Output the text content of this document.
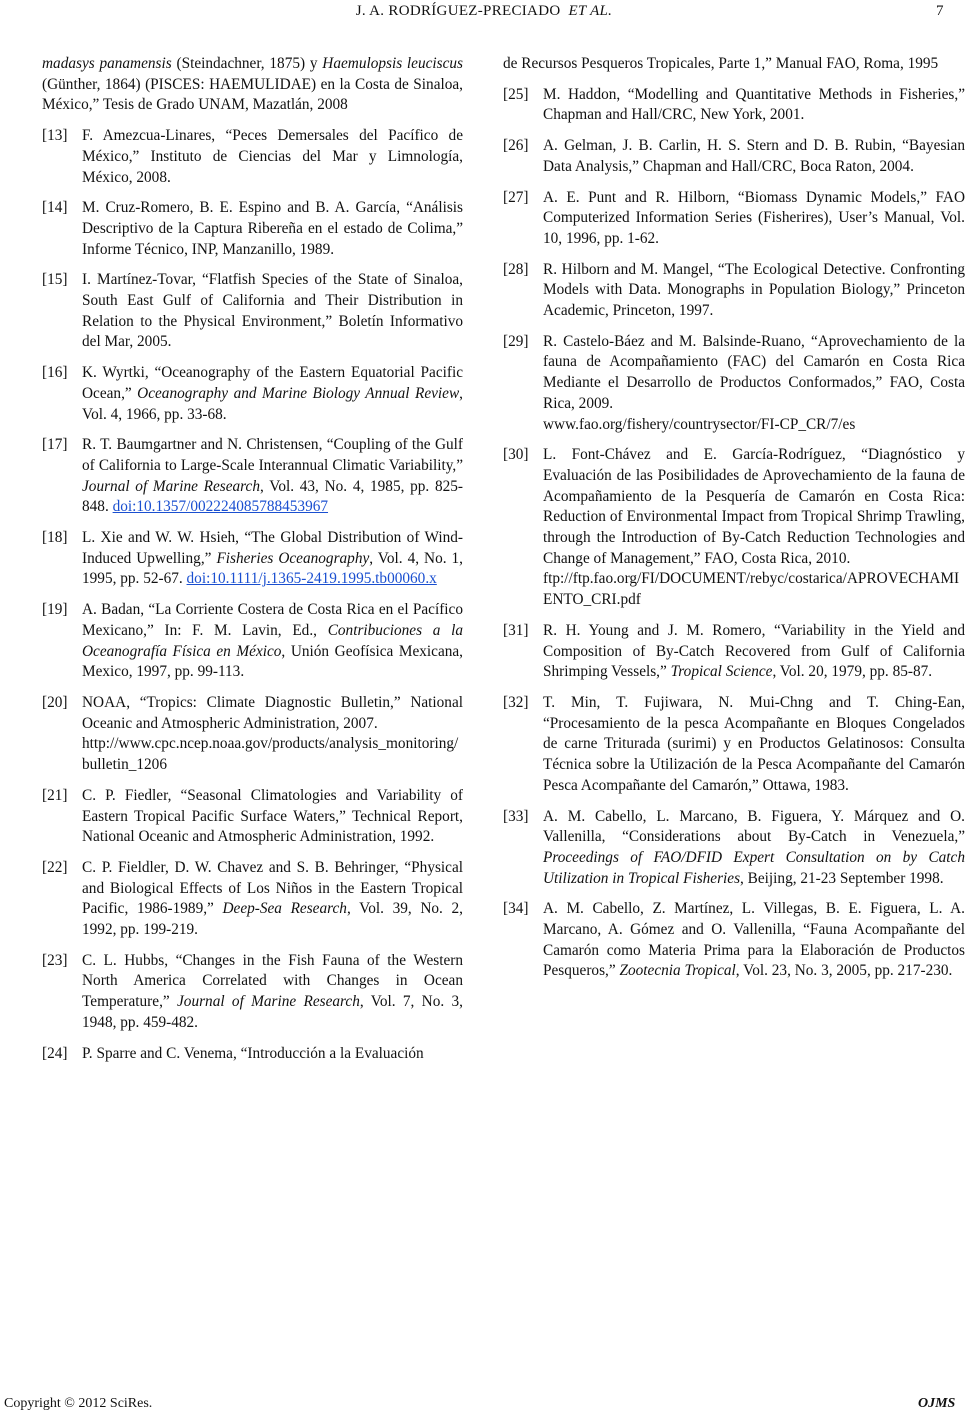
J. A. RODRÍGUEZ-PRECIADO ET AL.	7

madasys panamensis (Steindachner, 1875) y Haemulopsis leuciscus (Günther, 1864) (PISCES: HAEMULIDAE) en la Costa de Sinaloa, México,” Tesis de Grado UNAM, Mazatlán, 2008

[13] F. Amezcua-Linares, “Peces Demersales del Pacífico de México,” Instituto de Ciencias del Mar y Limnología, México, 2008.
[14] M. Cruz-Romero, B. E. Espino and B. A. García, “Análisis Descriptivo de la Captura Ribereña en el estado de Colima,” Informe Técnico, INP, Manzanillo, 1989.
[15] I. Martínez-Tovar, “Flatfish Species of the State of Sinaloa, South East Gulf of California and Their Distribution in Relation to the Physical Environment,” Boletín Informativo del Mar, 2005.
[16] K. Wyrtki, “Oceanography of the Eastern Equatorial Pacific Ocean,” Oceanography and Marine Biology Annual Review, Vol. 4, 1966, pp. 33-68.
[17] R. T. Baumgartner and N. Christensen, “Coupling of the Gulf of California to Large-Scale Interannual Climatic Variability,” Journal of Marine Research, Vol. 43, No. 4, 1985, pp. 825-848. doi:10.1357/002224085788453967
[18] L. Xie and W. W. Hsieh, “The Global Distribution of Wind-Induced Upwelling,” Fisheries Oceanography, Vol. 4, No. 1, 1995, pp. 52-67. doi:10.1111/j.1365-2419.1995.tb00060.x
[19] A. Badan, “La Corriente Costera de Costa Rica en el Pacífico Mexicano,” In: F. M. Lavin, Ed., Contribuciones a la Oceanografía Física en México, Unión Geofísica Mexicana, Mexico, 1997, pp. 99-113.
[20] NOAA, “Tropics: Climate Diagnostic Bulletin,” National Oceanic and Atmospheric Administration, 2007.
http://www.cpc.ncep.noaa.gov/products/analysis_monitoring/bulletin_1206
[21] C. P. Fiedler, “Seasonal Climatologies and Variability of Eastern Tropical Pacific Surface Waters,” Technical Report, National Oceanic and Atmospheric Administration, 1992.
[22] C. P. Fieldler, D. W. Chavez and S. B. Behringer, “Physical and Biological Effects of Los Niños in the Eastern Tropical Pacific, 1986-1989,” Deep-Sea Research, Vol. 39, No. 2, 1992, pp. 199-219.
[23] C. L. Hubbs, “Changes in the Fish Fauna of the Western North America Correlated with Changes in Ocean Temperature,” Journal of Marine Research, Vol. 7, No. 3, 1948, pp. 459-482.
[24] P. Sparre and C. Venema, “Introducción a la Evaluación

de Recursos Pesqueros Tropicales, Parte 1,” Manual FAO, Roma, 1995

[25] M. Haddon, “Modelling and Quantitative Methods in Fisheries,” Chapman and Hall/CRC, New York, 2001.
[26] A. Gelman, J. B. Carlin, H. S. Stern and D. B. Rubin, “Bayesian Data Analysis,” Chapman and Hall/CRC, Boca Raton, 2004.
[27] A. E. Punt and R. Hilborn, “Biomass Dynamic Models,” FAO Computerized Information Series (Fisherires), User’s Manual, Vol. 10, 1996, pp. 1-62.
[28] R. Hilborn and M. Mangel, “The Ecological Detective. Confronting Models with Data. Monographs in Population Biology,” Princeton Academic, Princeton, 1997.
[29] R. Castelo-Báez and M. Balsinde-Ruano, “Aprovechamiento de la fauna de Acompañamiento (FAC) del Camarón en Costa Rica Mediante el Desarrollo de Productos Conformados,” FAO, Costa Rica, 2009.
www.fao.org/fishery/countrysector/FI-CP_CR/7/es
[30] L. Font-Chávez and E. García-Rodríguez, “Diagnóstico y Evaluación de las Posibilidades de Aprovechamiento de la fauna de Acompañamiento de la Pesquería de Camarón en Costa Rica: Reduction of Environmental Impact from Tropical Shrimp Trawling, through the Introduction of By-Catch Reduction Technologies and Change of Management,” FAO, Costa Rica, 2010.
ftp://ftp.fao.org/FI/DOCUMENT/rebyc/costarica/APROVECHAMIENTO_CRI.pdf
[31] R. H. Young and J. M. Romero, “Variability in the Yield and Composition of By-Catch Recovered from Gulf of California Shrimping Vessels,” Tropical Science, Vol. 20, 1979, pp. 85-87.
[32] T. Min, T. Fujiwara, N. Mui-Chng and T. Ching-Ean, “Procesamiento de la pesca Acompañante en Bloques Congelados de carne Triturada (surimi) y en Productos Gelatinosos: Consulta Técnica sobre la Utilización de la Pesca Acompañante del Camarón Pesca Acompañante del Camarón,” Ottawa, 1983.
[33] A. M. Cabello, L. Marcano, B. Figuera, Y. Márquez and O. Vallenilla, “Considerations about By-Catch in Venezuela,” Proceedings of FAO/DFID Expert Consultation on by Catch Utilization in Tropical Fisheries, Beijing, 21-23 September 1998.
[34] A. M. Cabello, Z. Martínez, L. Villegas, B. E. Figuera, L. A. Marcano, A. Gómez and O. Vallenilla, “Fauna Acompañante del Camarón como Materia Prima para la Elaboración de Productos Pesqueros,” Zootecnia Tropical, Vol. 23, No. 3, 2005, pp. 217-230.
Copyright © 2012 SciRes.	OJMS
